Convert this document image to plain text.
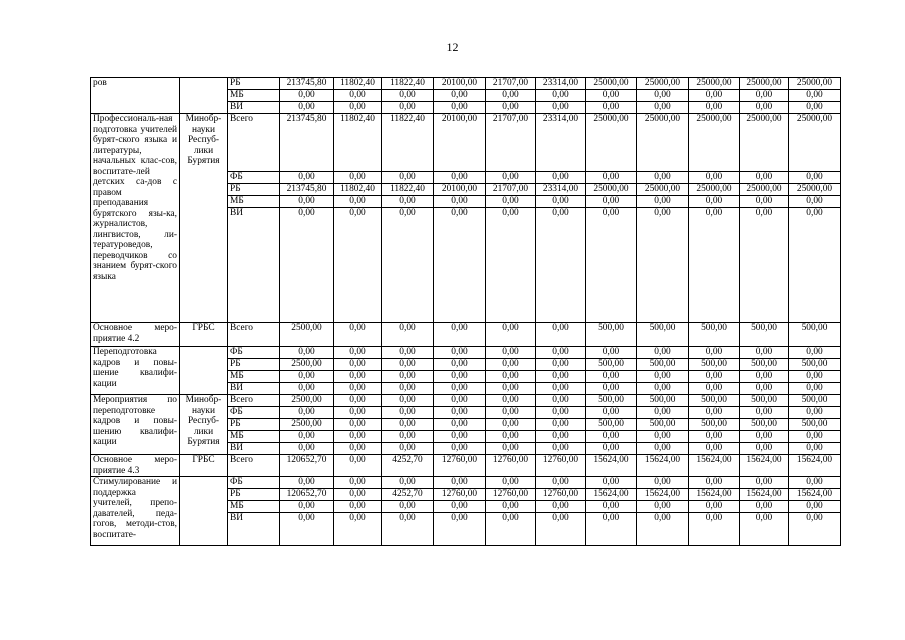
12
ров		РБ	213745,80	11802,40	11822,40	20100,00	21707,00	23314,00	25000,00	25000,00	25000,00	25000,00	25000,00
		МБ	0,00	0,00	0,00	0,00	0,00	0,00	0,00	0,00	0,00	0,00	0,00
		ВИ	0,00	0,00	0,00	0,00	0,00	0,00	0,00	0,00	0,00	0,00	0,00
Профессиональ-ная подготовка учителей бурят-ского языка и литературы, начальных клас-сов, воспитате-лей детских са-дов с правом преподавания бурятского язы-ка, журналистов, лингвистов, ли-тературоведов, переводчиков со знанием бурят-ского языка	Минобр-науки Респуб-лики Бурятия	Всего	213745,80	11802,40	11822,40	20100,00	21707,00	23314,00	25000,00	25000,00	25000,00	25000,00	25000,00
		ФБ	0,00	0,00	0,00	0,00	0,00	0,00	0,00	0,00	0,00	0,00	0,00
		РБ	213745,80	11802,40	11822,40	20100,00	21707,00	23314,00	25000,00	25000,00	25000,00	25000,00	25000,00
		МБ	0,00	0,00	0,00	0,00	0,00	0,00	0,00	0,00	0,00	0,00	0,00
		ВИ	0,00	0,00	0,00	0,00	0,00	0,00	0,00	0,00	0,00	0,00	0,00
Основное меро-приятие 4.2	ГРБС	Всего	2500,00	0,00	0,00	0,00	0,00	0,00	500,00	500,00	500,00	500,00	500,00
Переподготовка кадров и повы-шение квалифи-кации		ФБ	0,00	0,00	0,00	0,00	0,00	0,00	0,00	0,00	0,00	0,00	0,00
		РБ	2500,00	0,00	0,00	0,00	0,00	0,00	500,00	500,00	500,00	500,00	500,00
		МБ	0,00	0,00	0,00	0,00	0,00	0,00	0,00	0,00	0,00	0,00	0,00
		ВИ	0,00	0,00	0,00	0,00	0,00	0,00	0,00	0,00	0,00	0,00	0,00
Мероприятия по переподготовке кадров и повы-шению квалифи-кации	Минобр-науки Респуб-лики Бурятия	Всего	2500,00	0,00	0,00	0,00	0,00	0,00	500,00	500,00	500,00	500,00	500,00
		ФБ	0,00	0,00	0,00	0,00	0,00	0,00	0,00	0,00	0,00	0,00	0,00
		РБ	2500,00	0,00	0,00	0,00	0,00	0,00	500,00	500,00	500,00	500,00	500,00
		МБ	0,00	0,00	0,00	0,00	0,00	0,00	0,00	0,00	0,00	0,00	0,00
		ВИ	0,00	0,00	0,00	0,00	0,00	0,00	0,00	0,00	0,00	0,00	0,00
Основное меро-приятие 4.3	ГРБС	Всего	120652,70	0,00	4252,70	12760,00	12760,00	12760,00	15624,00	15624,00	15624,00	15624,00	15624,00
Стимулирование и поддержка учителей, препо-давателей, педа-гогов, методи-стов, воспитате-		ФБ	0,00	0,00	0,00	0,00	0,00	0,00	0,00	0,00	0,00	0,00	0,00
		РБ	120652,70	0,00	4252,70	12760,00	12760,00	12760,00	15624,00	15624,00	15624,00	15624,00	15624,00
		МБ	0,00	0,00	0,00	0,00	0,00	0,00	0,00	0,00	0,00	0,00	0,00
		ВИ	0,00	0,00	0,00	0,00	0,00	0,00	0,00	0,00	0,00	0,00	0,00
